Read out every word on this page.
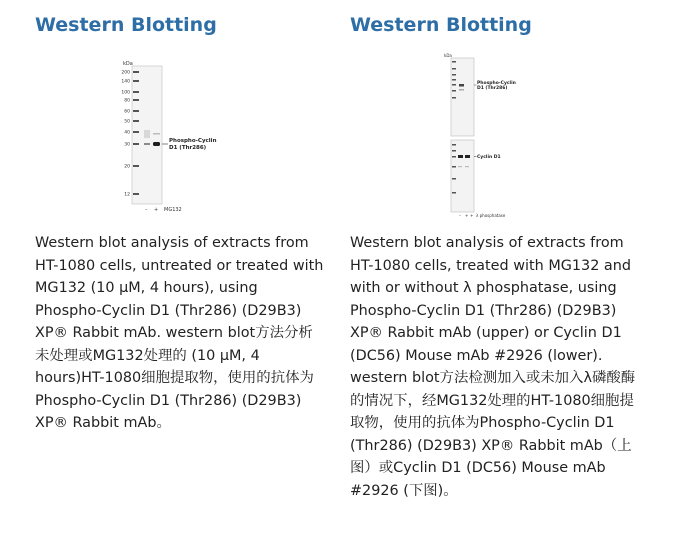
Western Blotting
kDa
200
140
100
80
60
50
40
30
20
12
Phospho-Cyclin
D1 (Thr286)
– + MG132

Western blot analysis of extracts from HT-1080 cells, untreated or treated with MG132 (10 µM, 4 hours), using Phospho-Cyclin D1 (Thr286) (D29B3) XP® Rabbit mAb. western blot方法分析未处理或MG132处理的 (10 µM, 4 hours)HT-1080细胞提取物，使用的抗体为Phospho-Cyclin D1 (Thr286) (D29B3) XP® Rabbit mAb。

Western Blotting
kDa
Phospho-Cyclin
D1 (Thr286)
Cyclin D1
– + + λ phosphatase

Western blot analysis of extracts from HT-1080 cells, treated with MG132 and with or without λ phosphatase, using Phospho-Cyclin D1 (Thr286) (D29B3) XP® Rabbit mAb (upper) or Cyclin D1 (DC56) Mouse mAb #2926 (lower). western blot方法检测加入或未加入λ磷酸酶的情况下，经MG132处理的HT-1080细胞提取物，使用的抗体为Phospho-Cyclin D1 (Thr286) (D29B3) XP® Rabbit mAb（上图）或Cyclin D1 (DC56) Mouse mAb #2926 (下图)。
